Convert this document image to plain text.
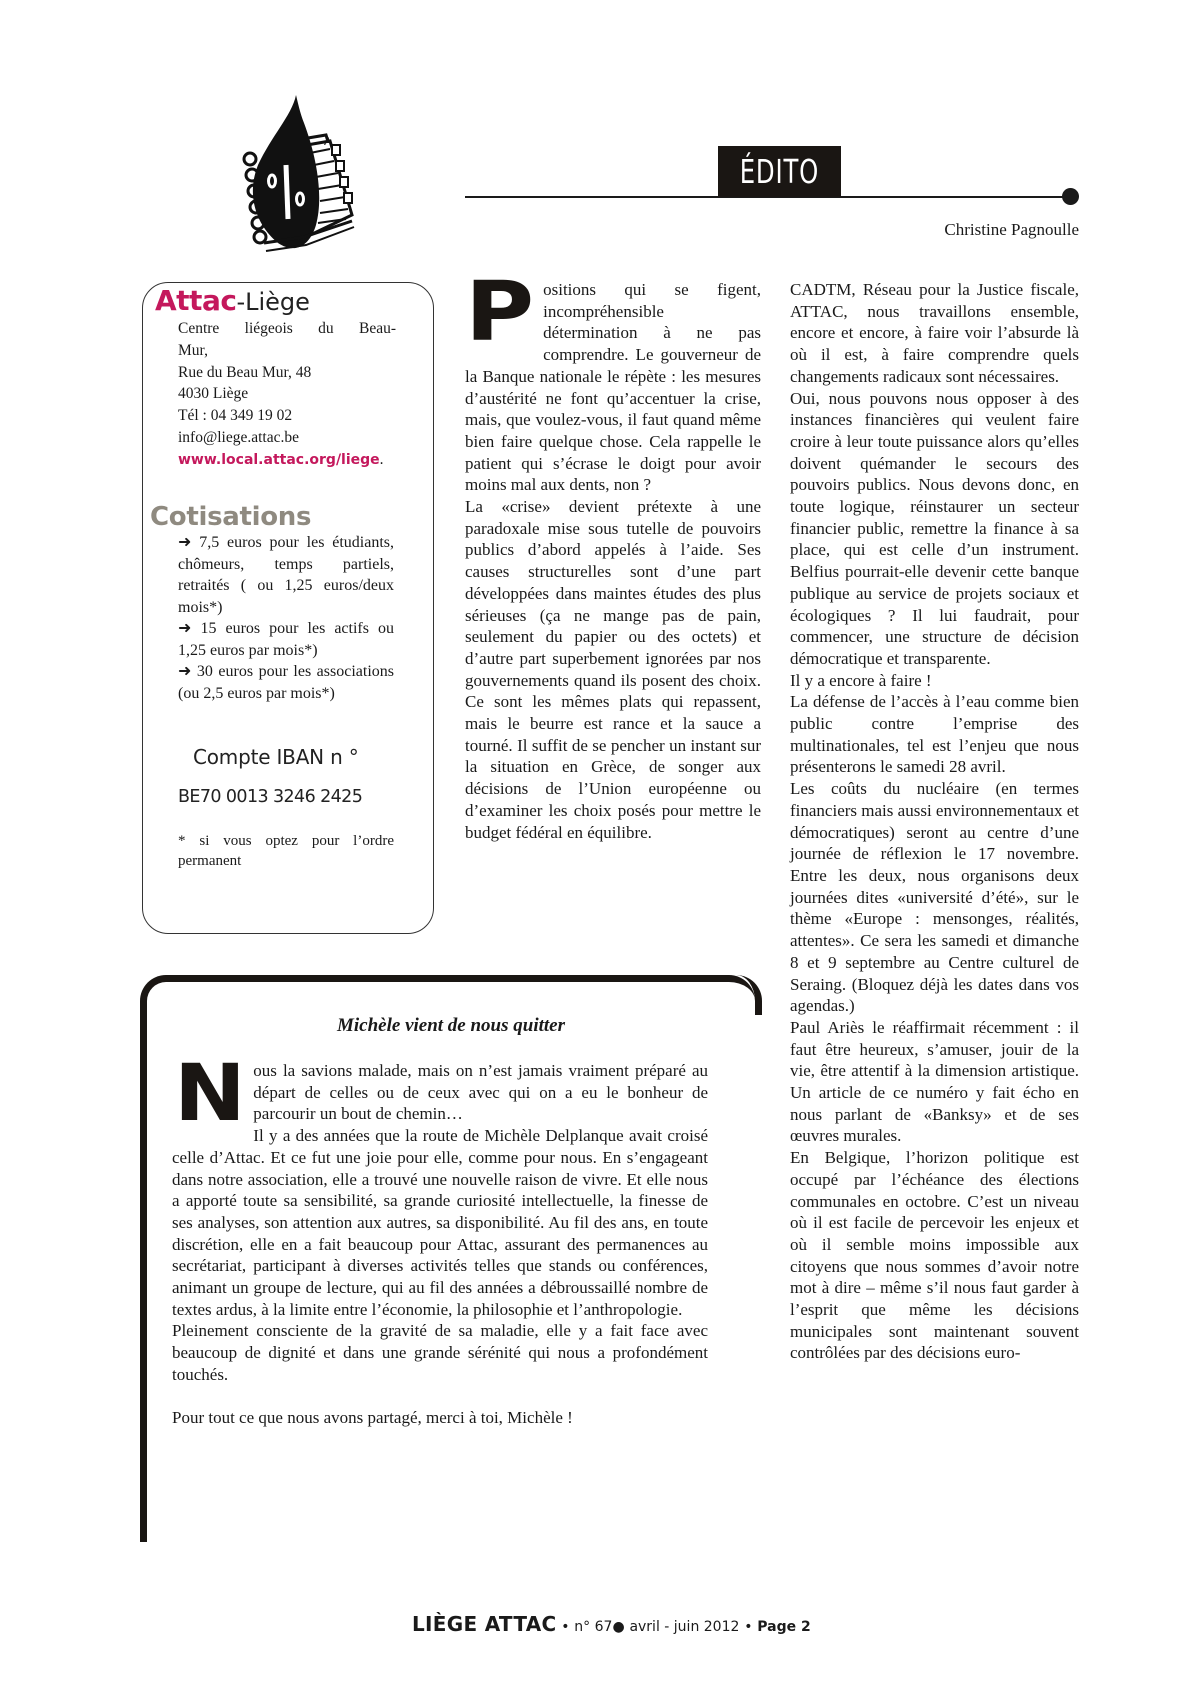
A
ÉDITO
Christine Pagnoulle
Attac-Liège
Centre liégeois du Beau-
Mur,
Rue du Beau Mur, 48
4030 Liège
Tél : 04 349 19 02
info@liege.attac.be
www.local.attac.org/liege.
Cotisations

➜ 7,5 euros pour les étudiants, chômeurs, temps partiels, retraités ( ou 1,25 euros/deux mois*)

➜ 15 euros pour les actifs ou 1,25 euros par mois*)

➜ 30 euros pour les associations (ou 2,5 euros par mois*)

Compte IBAN n °
BE70 0013 3246 2425
* si vous optez pour l’ordre permanent

Positions qui se figent, incompréhensible détermination à ne pas comprendre. Le gouverneur de la Banque nationale le répète : les mesures d’austérité ne font qu’accentuer la crise, mais, que voulez-vous, il faut quand même bien faire quelque chose. Cela rappelle le patient qui s’écrase le doigt pour avoir moins mal aux dents, non ?

La «crise» devient prétexte à une paradoxale mise sous tutelle de pouvoirs publics d’abord appelés à l’aide. Ses causes structurelles sont d’une part développées dans maintes études des plus sérieuses (ça ne mange pas de pain, seulement du papier ou des octets) et d’autre part superbement ignorées par nos gouvernements quand ils posent des choix. Ce sont les mêmes plats qui repassent, mais le beurre est rance et la sauce a tourné. Il suffit de se pencher un instant sur la situation en Grèce, de songer aux décisions de l’Union européenne ou d’examiner les choix posés pour mettre le budget fédéral en équilibre.

CADTM, Réseau pour la Justice fiscale, ATTAC, nous travaillons ensemble, encore et encore, à faire voir l’absurde là où il est, à faire comprendre quels changements radicaux sont nécessaires.

Oui, nous pouvons nous opposer à des instances financières qui veulent faire croire à leur toute puissance alors qu’elles doivent quémander le secours des pouvoirs publics. Nous devons donc, en toute logique, réinstaurer un secteur financier public, remettre la finance à sa place, qui est celle d’un instrument. Belfius pourrait-elle devenir cette banque publique au service de projets sociaux et écologiques ? Il lui faudrait, pour commencer, une structure de décision démocratique et transparente.

Il y a encore à faire !

La défense de l’accès à l’eau comme bien public contre l’emprise des multinationales, tel est l’enjeu que nous présenterons le samedi 28 avril.

Les coûts du nucléaire (en termes financiers mais aussi environnementaux et démocratiques) seront au centre d’une journée de réflexion le 17 novembre. Entre les deux, nous organisons deux journées dites «université d’été», sur le thème «Europe : mensonges, réalités, attentes». Ce sera les samedi et dimanche 8 et 9 septembre au Centre culturel de Seraing. (Bloquez déjà les dates dans vos agendas.)

Paul Ariès le réaffirmait récemment : il faut être heureux, s’amuser, jouir de la vie, être attentif à la dimension artistique. Un article de ce numéro y fait écho en nous parlant de «Banksy» et de ses œuvres murales.

En Belgique, l’horizon politique est occupé par l’échéance des élections communales en octobre. C’est un niveau où il est facile de percevoir les enjeux et où il semble moins impossible aux citoyens que nous sommes d’avoir notre mot à dire – même s’il nous faut garder à l’esprit que même les décisions municipales sont maintenant souvent contrôlées par des décisions euro-

Michèle vient de nous quitter

Nous la savions malade, mais on n’est jamais vraiment préparé au départ de celles ou de ceux avec qui on a eu le bonheur de parcourir un bout de chemin…

Il y a des années que la route de Michèle Delplanque avait croisé celle d’Attac. Et ce fut une joie pour elle, comme pour nous. En s’engageant dans notre association, elle a trouvé une nouvelle raison de vivre. Et elle nous a apporté toute sa sensibilité, sa grande curiosité intellectuelle, la finesse de ses analyses, son attention aux autres, sa disponibilité. Au fil des ans, en toute discrétion, elle en a fait beaucoup pour Attac, assurant des permanences au secrétariat, participant à diverses activités telles que stands ou conférences, animant un groupe de lecture, qui au fil des années a débroussaillé nombre de textes ardus, à la limite entre l’économie, la philosophie et l’anthropologie.

Pleinement consciente de la gravité de sa maladie, elle y a fait face avec beaucoup de dignité et dans une grande sérénité qui nous a profondément touchés.

Pour tout ce que nous avons partagé, merci à toi, Michèle !

LIÈGE ATTAC • n° 67● avril - juin 2012 • Page 2
